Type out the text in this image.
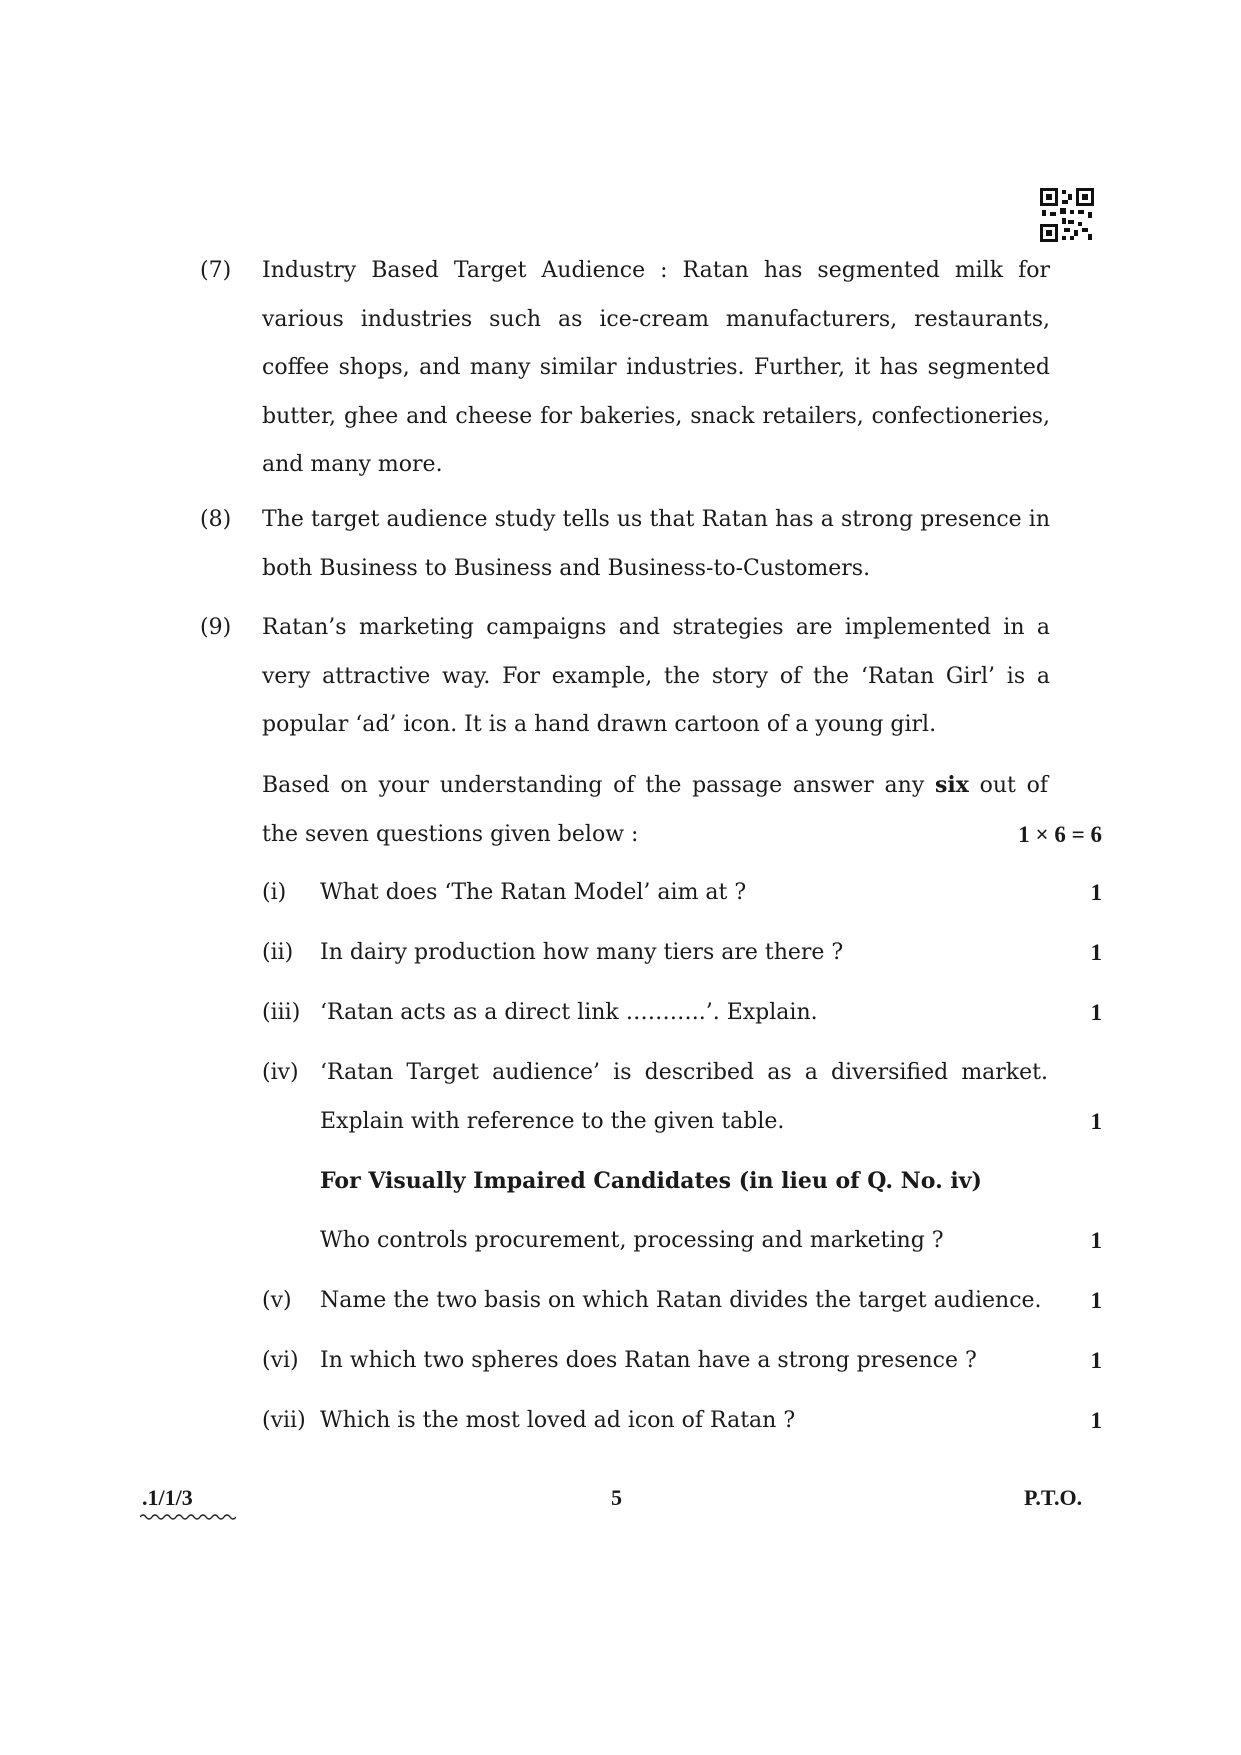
(7) Industry Based Target Audience : Ratan has segmented milk for various industries such as ice-cream manufacturers, restaurants, coffee shops, and many similar industries. Further, it has segmented butter, ghee and cheese for bakeries, snack retailers, confectioneries, and many more.
(8) The target audience study tells us that Ratan has a strong presence in both Business to Business and Business-to-Customers.
(9) Ratan’s marketing campaigns and strategies are implemented in a very attractive way. For example, the story of the ‘Ratan Girl’ is a popular ‘ad’ icon. It is a hand drawn cartoon of a young girl.
Based on your understanding of the passage answer any six out of the seven questions given below :	1 × 6 = 6
(i) What does ‘The Ratan Model’ aim at ?	1
(ii) In dairy production how many tiers are there ?	1
(iii) ‘Ratan acts as a direct link ………..’. Explain.	1
(iv) ‘Ratan Target audience’ is described as a diversified market. Explain with reference to the given table.	1
For Visually Impaired Candidates (in lieu of Q. No. iv)
Who controls procurement, processing and marketing ?	1
(v) Name the two basis on which Ratan divides the target audience. 1
(vi) In which two spheres does Ratan have a strong presence ?	1
(vii) Which is the most loved ad icon of Ratan ?	1
.1/1/3	5	P.T.O.
